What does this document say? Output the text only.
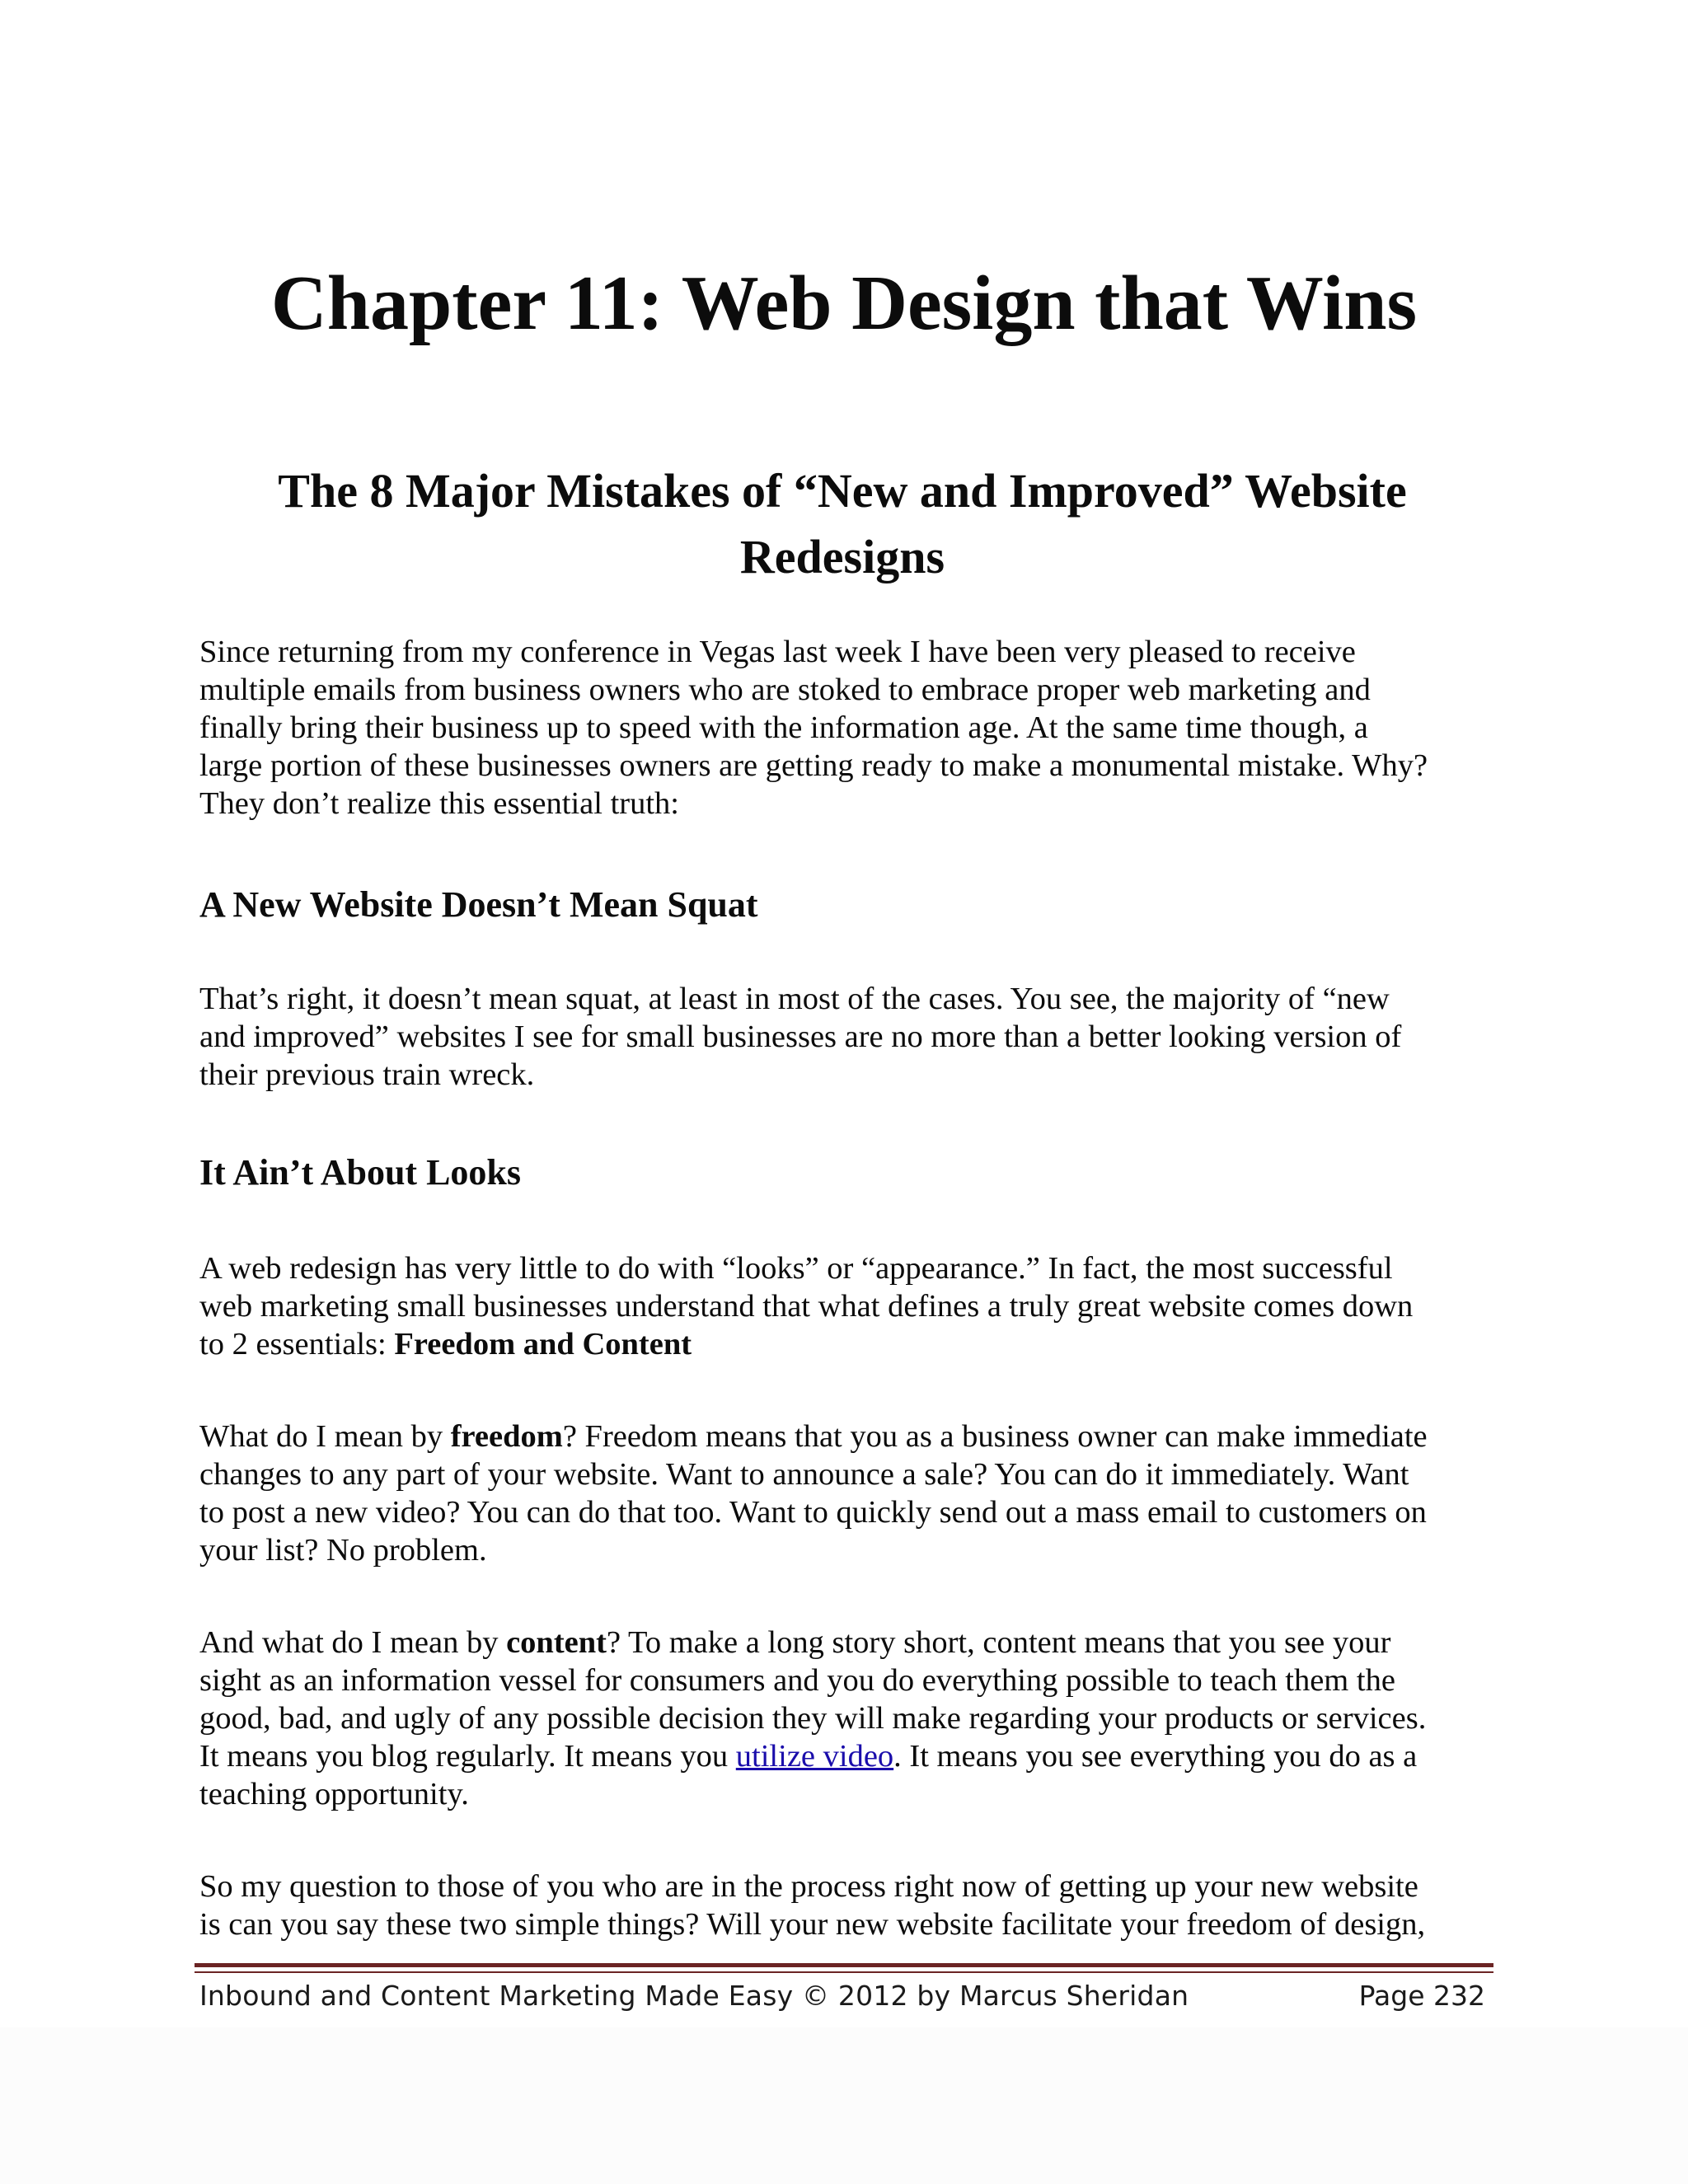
Chapter 11: Web Design that Wins
The 8 Major Mistakes of “New and Improved” Website
Redesigns

Since returning from my conference in Vegas last week I have been very pleased to receive
multiple emails from business owners who are stoked to embrace proper web marketing and
finally bring their business up to speed with the information age. At the same time though, a
large portion of these businesses owners are getting ready to make a monumental mistake. Why?
They don’t realize this essential truth:

A New Website Doesn’t Mean Squat

That’s right, it doesn’t mean squat, at least in most of the cases. You see, the majority of “new
and improved” websites I see for small businesses are no more than a better looking version of
their previous train wreck.

It Ain’t About Looks

A web redesign has very little to do with “looks” or “appearance.” In fact, the most successful
web marketing small businesses understand that what defines a truly great website comes down
to 2 essentials: Freedom and Content

What do I mean by freedom? Freedom means that you as a business owner can make immediate
changes to any part of your website. Want to announce a sale? You can do it immediately. Want
to post a new video? You can do that too. Want to quickly send out a mass email to customers on
your list? No problem.

And what do I mean by content? To make a long story short, content means that you see your
sight as an information vessel for consumers and you do everything possible to teach them the
good, bad, and ugly of any possible decision they will make regarding your products or services.
It means you blog regularly. It means you utilize video. It means you see everything you do as a
teaching opportunity.

So my question to those of you who are in the process right now of getting up your new website
is can you say these two simple things? Will your new website facilitate your freedom of design,

Inbound and Content Marketing Made Easy © 2012 by Marcus Sheridan	Page 232
